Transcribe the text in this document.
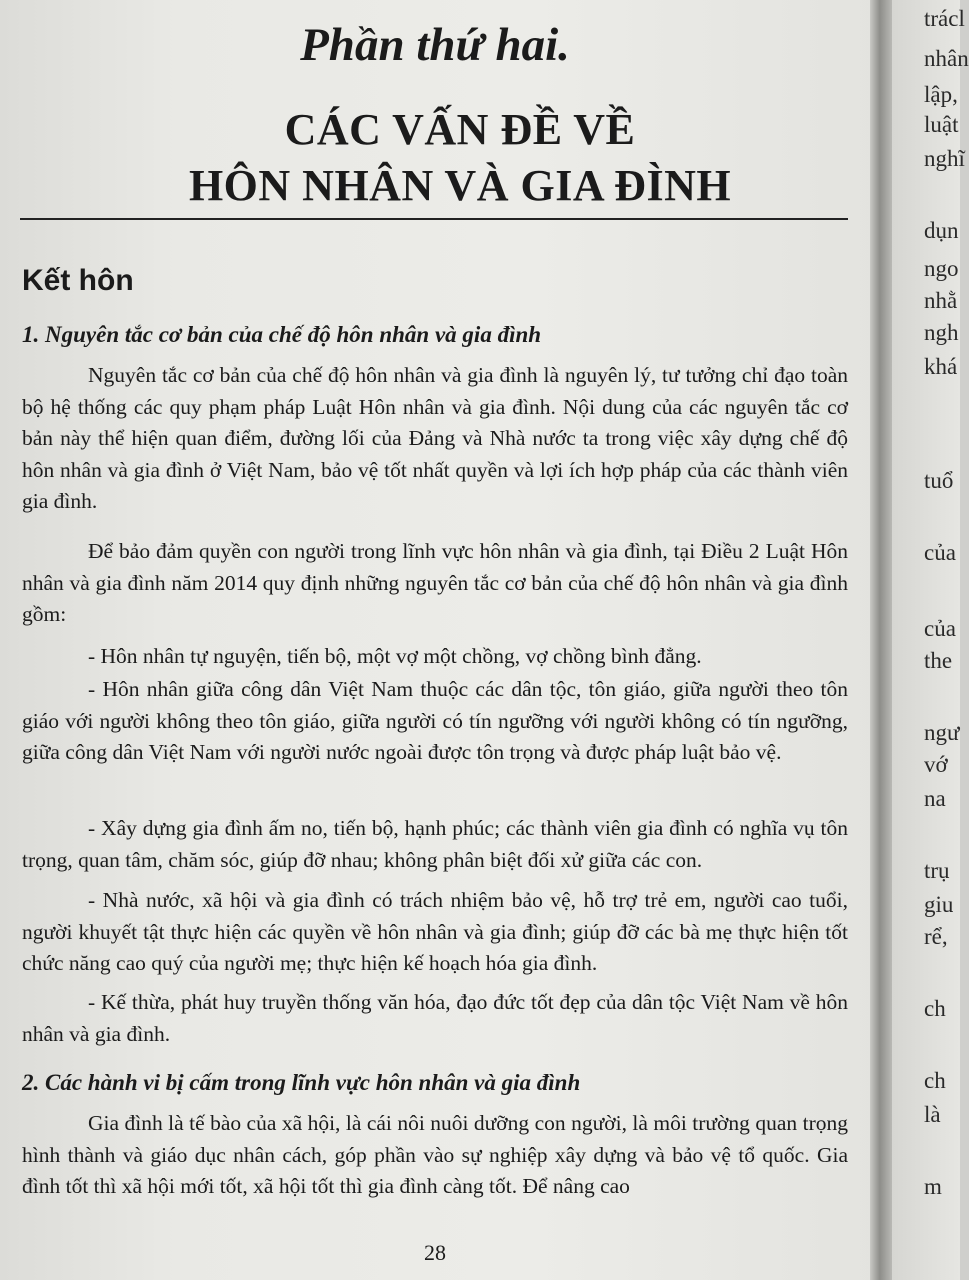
Phần thứ hai.
CÁC VẤN ĐỀ VỀ
HÔN NHÂN VÀ GIA ĐÌNH
Kết hôn
1. Nguyên tắc cơ bản của chế độ hôn nhân và gia đình

Nguyên tắc cơ bản của chế độ hôn nhân và gia đình là nguyên lý, tư tưởng chỉ đạo toàn bộ hệ thống các quy phạm pháp Luật Hôn nhân và gia đình. Nội dung của các nguyên tắc cơ bản này thể hiện quan điểm, đường lối của Đảng và Nhà nước ta trong việc xây dựng chế độ hôn nhân và gia đình ở Việt Nam, bảo vệ tốt nhất quyền và lợi ích hợp pháp của các thành viên gia đình.

Để bảo đảm quyền con người trong lĩnh vực hôn nhân và gia đình, tại Điều 2 Luật Hôn nhân và gia đình năm 2014 quy định những nguyên tắc cơ bản của chế độ hôn nhân và gia đình gồm:

- Hôn nhân tự nguyện, tiến bộ, một vợ một chồng, vợ chồng bình đẳng.

- Hôn nhân giữa công dân Việt Nam thuộc các dân tộc, tôn giáo, giữa người theo tôn giáo với người không theo tôn giáo, giữa người có tín ngưỡng với người không có tín ngưỡng, giữa công dân Việt Nam với người nước ngoài được tôn trọng và được pháp luật bảo vệ.

- Xây dựng gia đình ấm no, tiến bộ, hạnh phúc; các thành viên gia đình có nghĩa vụ tôn trọng, quan tâm, chăm sóc, giúp đỡ nhau; không phân biệt đối xử giữa các con.

- Nhà nước, xã hội và gia đình có trách nhiệm bảo vệ, hỗ trợ trẻ em, người cao tuổi, người khuyết tật thực hiện các quyền về hôn nhân và gia đình; giúp đỡ các bà mẹ thực hiện tốt chức năng cao quý của người mẹ; thực hiện kế hoạch hóa gia đình.

- Kế thừa, phát huy truyền thống văn hóa, đạo đức tốt đẹp của dân tộc Việt Nam về hôn nhân và gia đình.

2. Các hành vi bị cấm trong lĩnh vực hôn nhân và gia đình

Gia đình là tế bào của xã hội, là cái nôi nuôi dưỡng con người, là môi trường quan trọng hình thành và giáo dục nhân cách, góp phần vào sự nghiệp xây dựng và bảo vệ tổ quốc. Gia đình tốt thì xã hội mới tốt, xã hội tốt thì gia đình càng tốt. Để nâng cao

28
trácl
nhân
lập,
luật
nghĩ
dụn
ngo
nhằ
ngh
khá
tuổ
của
của
the
ngư
vớ
na
trụ
giu
rể,
ch
ch
là
m
